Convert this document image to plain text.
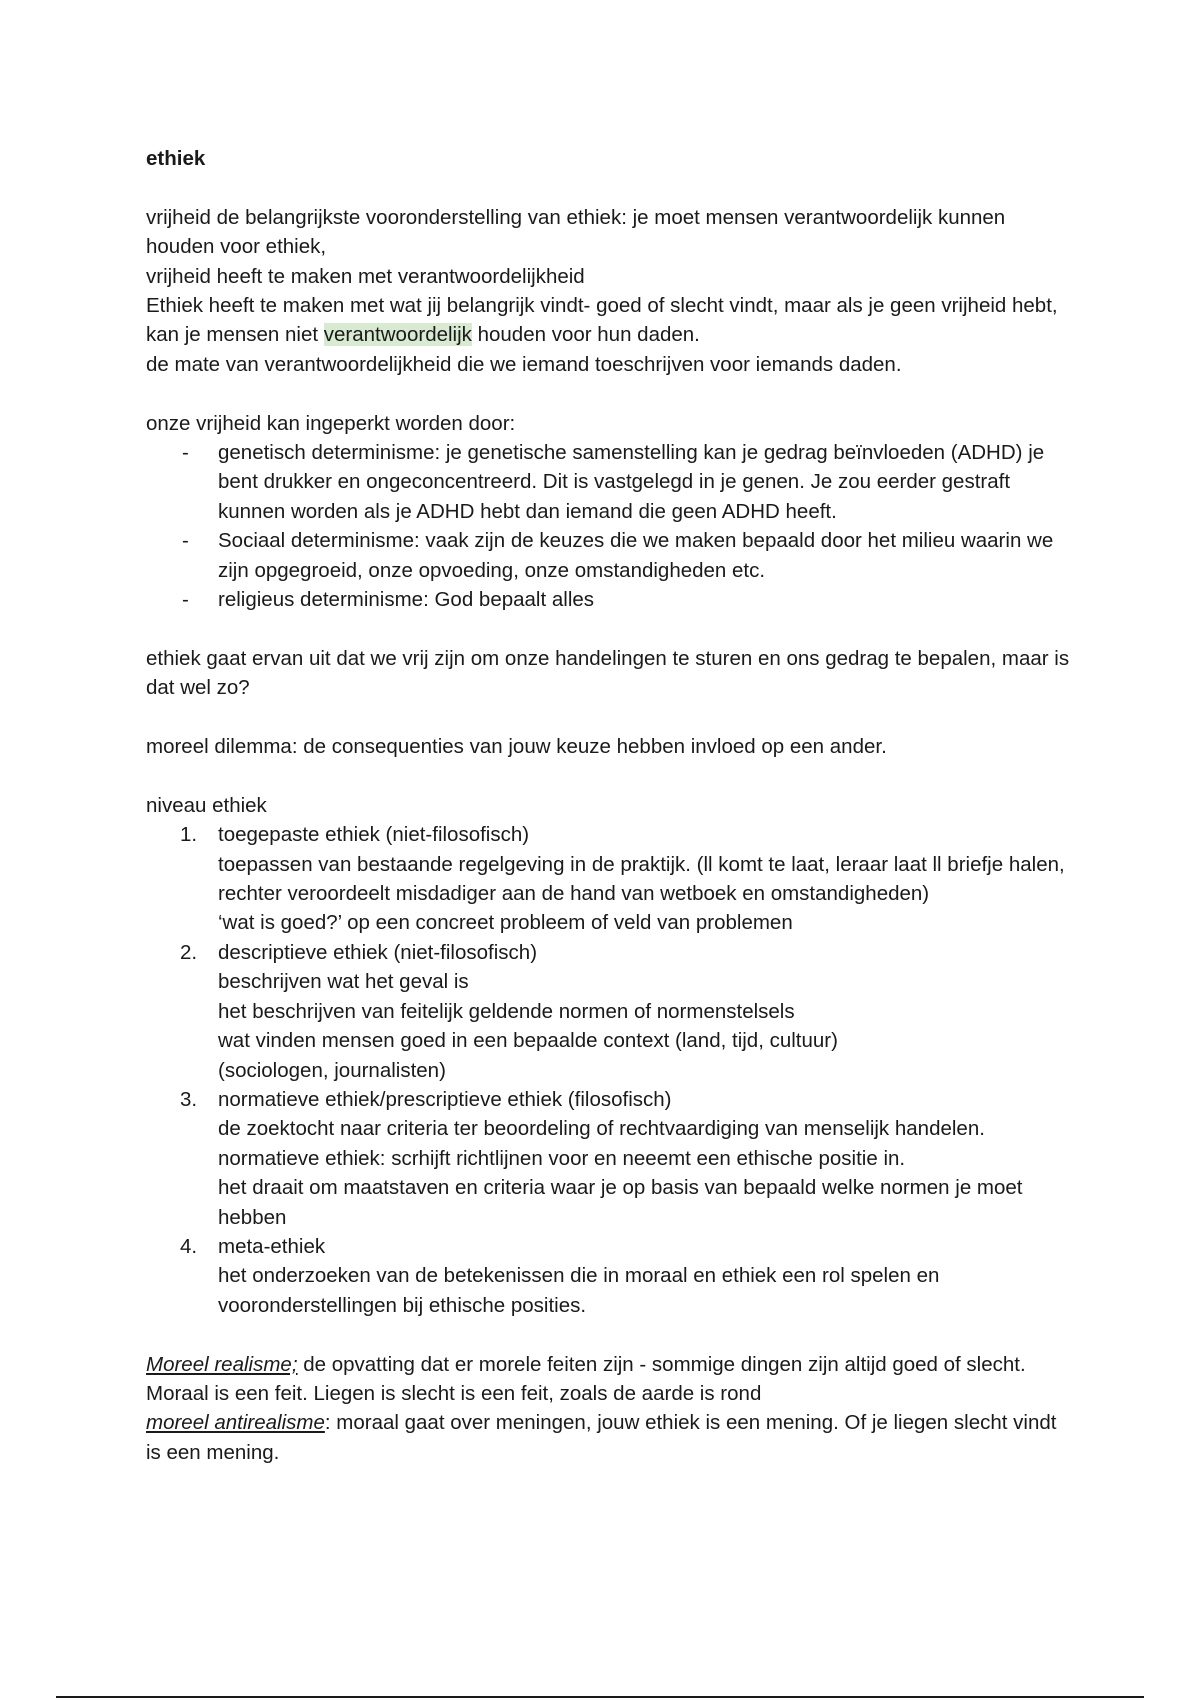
ethiek

vrijheid de belangrijkste vooronderstelling van ethiek: je moet mensen verantwoordelijk kunnen houden voor ethiek,

vrijheid heeft te maken met verantwoordelijkheid

Ethiek heeft te maken met wat jij belangrijk vindt- goed of slecht vindt, maar als je geen vrijheid hebt, kan je mensen niet verantwoordelijk houden voor hun daden.

de mate van verantwoordelijkheid die we iemand toeschrijven voor iemands daden.

onze vrijheid kan ingeperkt worden door:

- genetisch determinisme: je genetische samenstelling kan je gedrag beïnvloeden (ADHD) je bent drukker en ongeconcentreerd. Dit is vastgelegd in je genen. Je zou eerder gestraft kunnen worden als je ADHD hebt dan iemand die geen ADHD heeft.
- Sociaal determinisme: vaak zijn de keuzes die we maken bepaald door het milieu waarin we zijn opgegroeid, onze opvoeding, onze omstandigheden etc.
- religieus determinisme: God bepaalt alles

ethiek gaat ervan uit dat we vrij zijn om onze handelingen te sturen en ons gedrag te bepalen, maar is dat wel zo?

moreel dilemma: de consequenties van jouw keuze hebben invloed op een ander.

niveau ethiek

1. toegepaste ethiek (niet-filosofisch)
toepassen van bestaande regelgeving in de praktijk. (ll komt te laat, leraar laat ll briefje halen, rechter veroordeelt misdadiger aan de hand van wetboek en omstandigheden)
‘wat is goed?’ op een concreet probleem of veld van problemen
2. descriptieve ethiek (niet-filosofisch)
beschrijven wat het geval is
het beschrijven van feitelijk geldende normen of normenstelsels
wat vinden mensen goed in een bepaalde context (land, tijd, cultuur)
(sociologen, journalisten)
3. normatieve ethiek/prescriptieve ethiek (filosofisch)
de zoektocht naar criteria ter beoordeling of rechtvaardiging van menselijk handelen.
normatieve ethiek: scrhijft richtlijnen voor en neeemt een ethische positie in.
het draait om maatstaven en criteria waar je op basis van bepaald welke normen je moet hebben
4. meta-ethiek
het onderzoeken van de betekenissen die in moraal en ethiek een rol spelen en vooronderstellingen bij ethische posities.

Moreel realisme; de opvatting dat er morele feiten zijn - sommige dingen zijn altijd goed of slecht. Moraal is een feit. Liegen is slecht is een feit, zoals de aarde is rond

moreel antirealisme: moraal gaat over meningen, jouw ethiek is een mening. Of je liegen slecht vindt is een mening.
